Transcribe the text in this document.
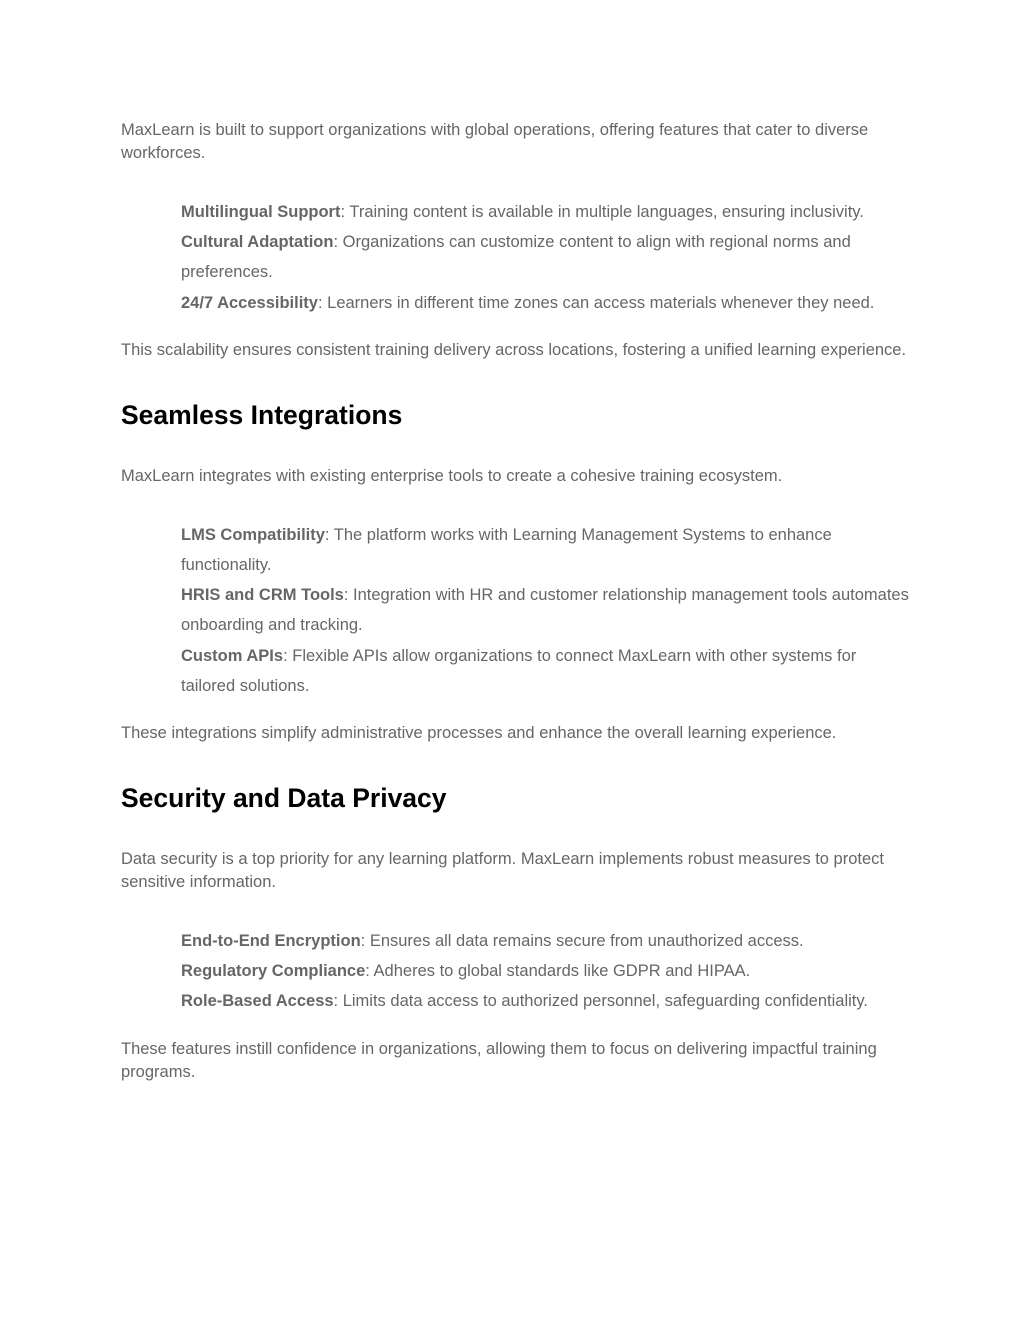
MaxLearn is built to support organizations with global operations, offering features that cater to diverse workforces.

Multilingual Support: Training content is available in multiple languages, ensuring inclusivity.
Cultural Adaptation: Organizations can customize content to align with regional norms and preferences.
24/7 Accessibility: Learners in different time zones can access materials whenever they need.

This scalability ensures consistent training delivery across locations, fostering a unified learning experience.

Seamless Integrations

MaxLearn integrates with existing enterprise tools to create a cohesive training ecosystem.

LMS Compatibility: The platform works with Learning Management Systems to enhance functionality.
HRIS and CRM Tools: Integration with HR and customer relationship management tools automates onboarding and tracking.
Custom APIs: Flexible APIs allow organizations to connect MaxLearn with other systems for tailored solutions.

These integrations simplify administrative processes and enhance the overall learning experience.

Security and Data Privacy

Data security is a top priority for any learning platform. MaxLearn implements robust measures to protect sensitive information.

End-to-End Encryption: Ensures all data remains secure from unauthorized access.
Regulatory Compliance: Adheres to global standards like GDPR and HIPAA.
Role-Based Access: Limits data access to authorized personnel, safeguarding confidentiality.

These features instill confidence in organizations, allowing them to focus on delivering impactful training programs.
